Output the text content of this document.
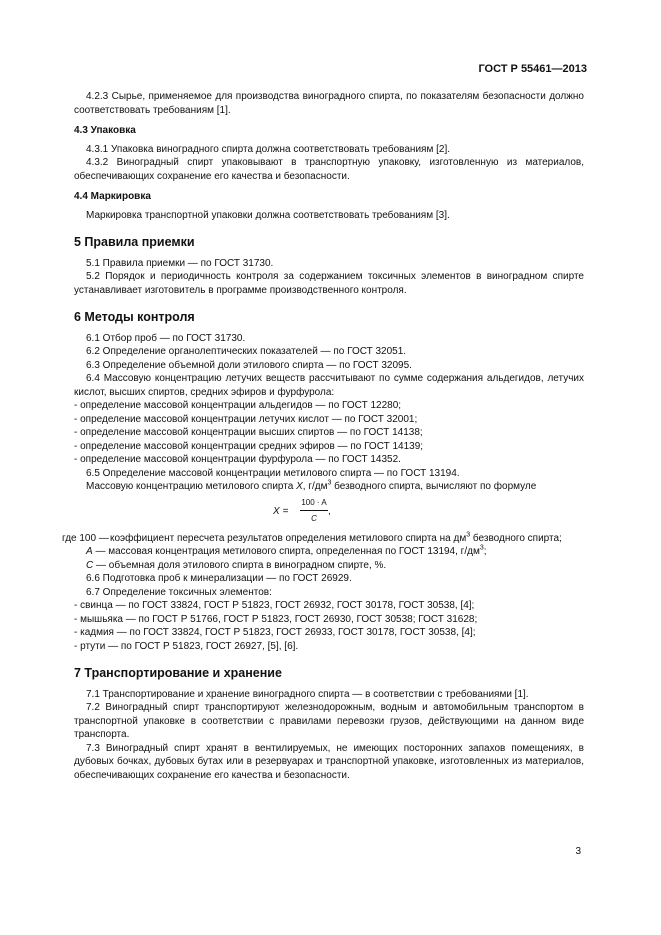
ГОСТ Р 55461—2013

4.2.3 Сырье, применяемое для производства виноградного спирта, по показателям безопасности должно соответствовать требованиям [1].

4.3 Упаковка

4.3.1 Упаковка виноградного спирта должна соответствовать требованиям [2].

4.3.2 Виноградный спирт упаковывают в транспортную упаковку, изготовленную из материалов, обеспечивающих сохранение его качества и безопасности.

4.4 Маркировка

Маркировка транспортной упаковки должна соответствовать требованиям [3].

5 Правила приемки

5.1 Правила приемки — по ГОСТ 31730.

5.2 Порядок и периодичность контроля за содержанием токсичных элементов в виноградном спирте устанавливает изготовитель в программе производственного контроля.

6 Методы контроля

6.1 Отбор проб — по ГОСТ 31730.

6.2 Определение органолептических показателей — по ГОСТ 32051.

6.3 Определение объемной доли этилового спирта — по ГОСТ 32095.

6.4 Массовую концентрацию летучих веществ рассчитывают по сумме содержания альдегидов, летучих кислот, высших спиртов, средних эфиров и фурфурола:

- определение массовой концентрации альдегидов — по ГОСТ 12280;

- определение массовой концентрации летучих кислот — по ГОСТ 32001;

- определение массовой концентрации высших спиртов — по ГОСТ 14138;

- определение массовой концентрации средних эфиров — по ГОСТ 14139;

- определение массовой концентрации фурфурола — по ГОСТ 14352.

6.5 Определение массовой концентрации метилового спирта — по ГОСТ 13194.

Массовую концентрацию метилового спирта X, $г/дм^3$ безводного спирта, вычисляют по формуле

$X = \frac{100 \cdot A}{C}$ ,
где 100 — коэффициент пересчета результатов определения метилового спирта на $дм^3$ безводного спирта;

А — массовая концентрация метилового спирта, определенная по ГОСТ 13194, $г/дм^3$;

С — объемная доля этилового спирта в виноградном спирте, %.

6.6 Подготовка проб к минерализации — по ГОСТ 26929.

6.7 Определение токсичных элементов:

- свинца — по ГОСТ 33824, ГОСТ Р 51823, ГОСТ 26932, ГОСТ 30178, ГОСТ 30538, [4];

- мышьяка — по ГОСТ Р 51766, ГОСТ Р 51823, ГОСТ 26930, ГОСТ 30538; ГОСТ 31628;

- кадмия — по ГОСТ 33824, ГОСТ Р 51823, ГОСТ 26933, ГОСТ 30178, ГОСТ 30538, [4];

- ртути — по ГОСТ Р 51823, ГОСТ 26927, [5], [6].

7 Транспортирование и хранение

7.1 Транспортирование и хранение виноградного спирта — в соответствии с требованиями [1].

7.2 Виноградный спирт транспортируют железнодорожным, водным и автомобильным транспортом в транспортной упаковке в соответствии с правилами перевозки грузов, действующими на данном виде транспорта.

7.3 Виноградный спирт хранят в вентилируемых, не имеющих посторонних запахов помещениях, в дубовых бочках, дубовых бутах или в резервуарах и транспортной упаковке, изготовленных из материалов, обеспечивающих сохранение его качества и безопасности.

3
